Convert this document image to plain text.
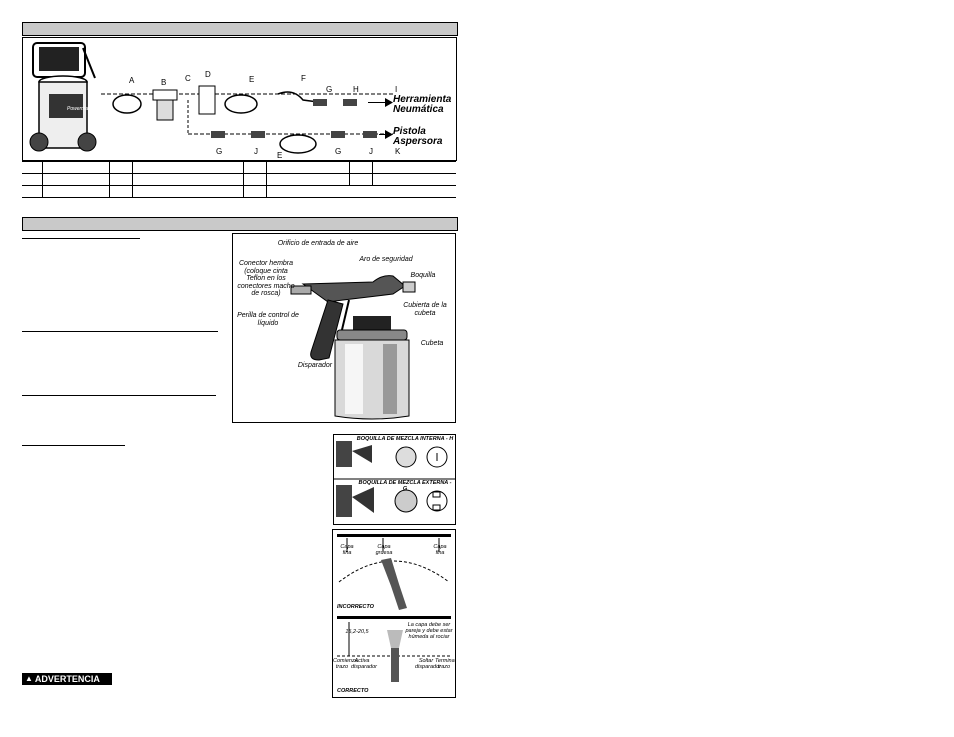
Powermate
A	B C D
E	F
G	H
G	J E	G	J	K
I
Herramienta Neumática
Pistola Aspersora

Orificio de entrada de aire
Aro de seguridad
Conector hembra (coloque cinta Teflon en los conectores macho de rosca)
Boquilla
Perilla de control de líquido
Cubierta de la cubeta
Cubeta
Disparador
BOQUILLA DE MEZCLA INTERNA - H
BOQUILLA DE MEZCLA EXTERNA - G
Capa fina
Capa gruesa
Capa fina
INCORRECTO
15,2-20,5
La capa debe ser pareja y debe estar húmeda al rociar
Comienza trazo
Activa disparador
Soltar disparador
Termina trazo
CORRECTO
▲ ADVERTENCIA
